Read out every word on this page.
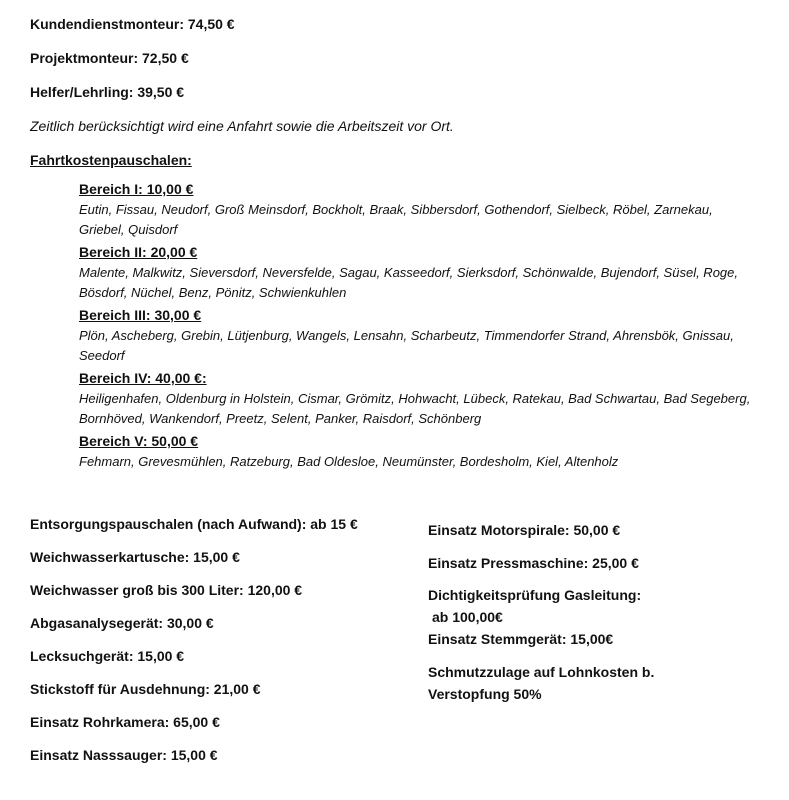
Kundendienstmonteur: 74,50 €
Projektmonteur: 72,50 €
Helfer/Lehrling: 39,50 €
Zeitlich berücksichtigt wird eine Anfahrt sowie die Arbeitszeit vor Ort.
Fahrtkostenpauschalen:
Bereich I: 10,00 €
Eutin, Fissau, Neudorf, Groß Meinsdorf, Bockholt, Braak, Sibbersdorf, Gothendorf, Sielbeck, Röbel, Zarnekau, Griebel, Quisdorf
Bereich II: 20,00 €
Malente, Malkwitz, Sieversdorf, Neversfelde, Sagau, Kasseedorf, Sierksdorf, Schönwalde, Bujendorf, Süsel, Roge, Bösdorf, Nüchel, Benz, Pönitz, Schwienkuhlen
Bereich III: 30,00 €
Plön, Ascheberg, Grebin, Lütjenburg, Wangels, Lensahn, Scharbeutz, Timmendorfer Strand, Ahrensbök, Gnissau, Seedorf
Bereich IV: 40,00 €:
Heiligenhafen, Oldenburg in Holstein, Cismar, Grömitz, Hohwacht, Lübeck, Ratekau, Bad Schwartau, Bad Segeberg, Bornhöved, Wankendorf, Preetz, Selent, Panker, Raisdorf, Schönberg
Bereich V: 50,00 €
Fehmarn, Grevesmühlen, Ratzeburg, Bad Oldesloe, Neumünster, Bordesholm, Kiel, Altenholz
Entsorgungspauschalen (nach Aufwand): ab 15 €
Weichwasserkartusche: 15,00 €
Weichwasser groß bis 300 Liter: 120,00 €
Abgasanalysegerät: 30,00 €
Lecksuchgerät: 15,00 €
Stickstoff für Ausdehnung: 21,00 €
Einsatz Rohrkamera: 65,00 €
Einsatz Nasssauger: 15,00 €
Einsatz Motorspirale: 50,00 €
Einsatz Pressmaschine: 25,00 €
Dichtigkeitsprüfung Gasleitung:
ab 100,00€
Einsatz Stemmgerät: 15,00€
Schmutzzulage auf Lohnkosten b.
Verstopfung 50%
